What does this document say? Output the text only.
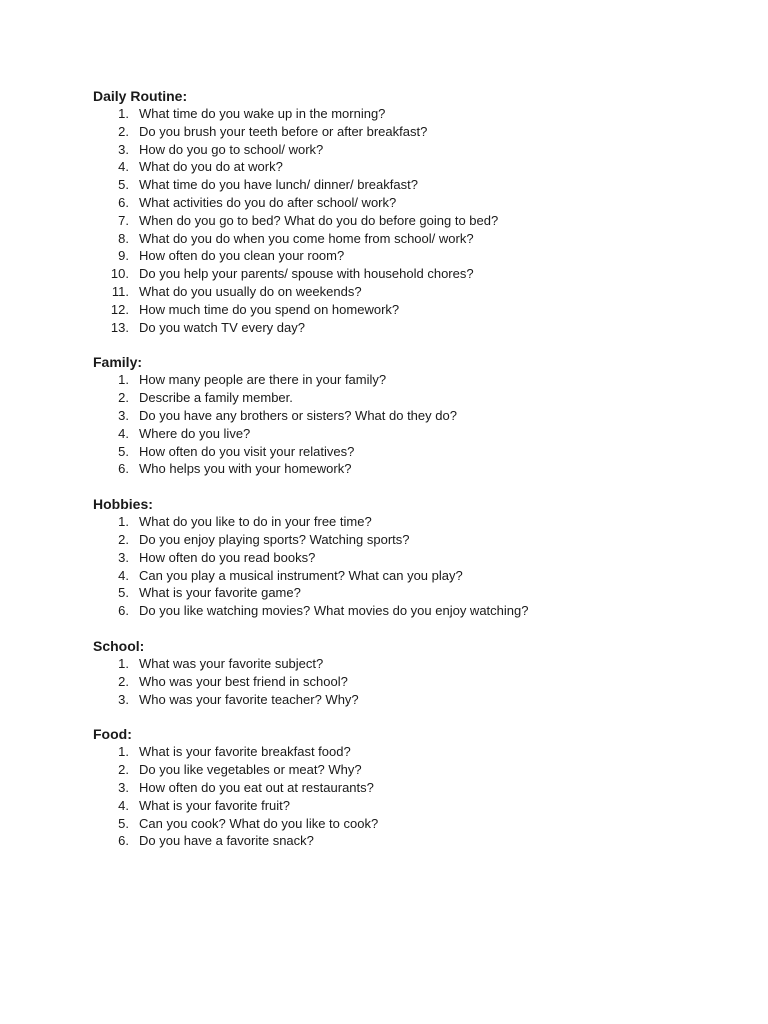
Daily Routine:
1. What time do you wake up in the morning?
2. Do you brush your teeth before or after breakfast?
3. How do you go to school/ work?
4. What do you do at work?
5. What time do you have lunch/ dinner/ breakfast?
6. What activities do you do after school/ work?
7. When do you go to bed? What do you do before going to bed?
8. What do you do when you come home from school/ work?
9. How often do you clean your room?
10. Do you help your parents/ spouse with household chores?
11. What do you usually do on weekends?
12. How much time do you spend on homework?
13. Do you watch TV every day?
Family:
1. How many people are there in your family?
2. Describe a family member.
3. Do you have any brothers or sisters? What do they do?
4. Where do you live?
5. How often do you visit your relatives?
6. Who helps you with your homework?
Hobbies:
1. What do you like to do in your free time?
2. Do you enjoy playing sports? Watching sports?
3. How often do you read books?
4. Can you play a musical instrument? What can you play?
5. What is your favorite game?
6. Do you like watching movies? What movies do you enjoy watching?
School:
1. What was your favorite subject?
2. Who was your best friend in school?
3. Who was your favorite teacher? Why?
Food:
1. What is your favorite breakfast food?
2. Do you like vegetables or meat? Why?
3. How often do you eat out at restaurants?
4. What is your favorite fruit?
5. Can you cook? What do you like to cook?
6. Do you have a favorite snack?
